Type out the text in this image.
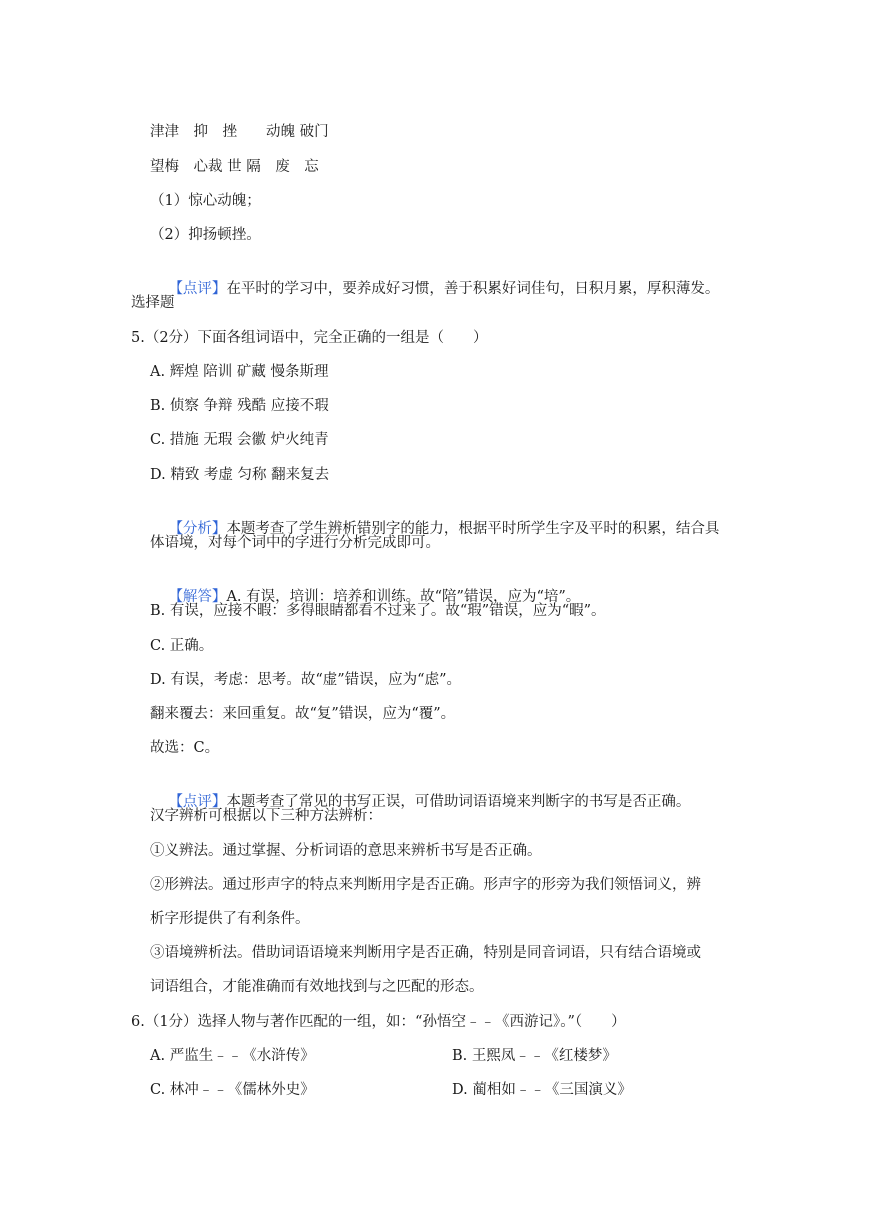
津津　抑　挫　　动魄 破门
望梅　心裁 世 隔　废　忘
（1）惊心动魄；
（2）抑扬顿挫。

【点评】在平时的学习中，要养成好习惯，善于积累好词佳句，日积月累，厚积薄发。

选择题
5.（2分）下面各组词语中，完全正确的一组是（　　）
A. 辉煌 陪训 矿藏 慢条斯理
B. 侦察 争辩 残酷 应接不瑕
C. 措施 无瑕 会徽 炉火纯青
D. 精致 考虚 匀称 翻来复去

【分析】本题考查了学生辨析错别字的能力，根据平时所学生字及平时的积累，结合具

体语境，对每个词中的字进行分析完成即可。

【解答】A. 有误，培训：培养和训练。故“陪”错误，应为“培”。

B. 有误，应接不暇：多得眼睛都看不过来了。故“瑕”错误，应为“暇”。
C. 正确。
D. 有误，考虑：思考。故“虚”错误，应为“虑”。
翻来覆去：来回重复。故“复”错误，应为“覆”。
故选：C。

【点评】本题考查了常见的书写正误，可借助词语语境来判断字的书写是否正确。

汉字辨析可根据以下三种方法辨析：
①义辨法。通过掌握、分析词语的意思来辨析书写是否正确。
②形辨法。通过形声字的特点来判断用字是否正确。形声字的形旁为我们领悟词义，辨
析字形提供了有利条件。
③语境辨析法。借助词语语境来判断用字是否正确，特别是同音词语，只有结合语境或
词语组合，才能准确而有效地找到与之匹配的形态。
6.（1分）选择人物与著作匹配的一组，如：“孙悟空﹣﹣《西游记》。”（　　）
A. 严监生﹣﹣《水浒传》	B. 王熙凤﹣﹣《红楼梦》
C. 林冲﹣﹣《儒林外史》	D. 蔺相如﹣﹣《三国演义》
